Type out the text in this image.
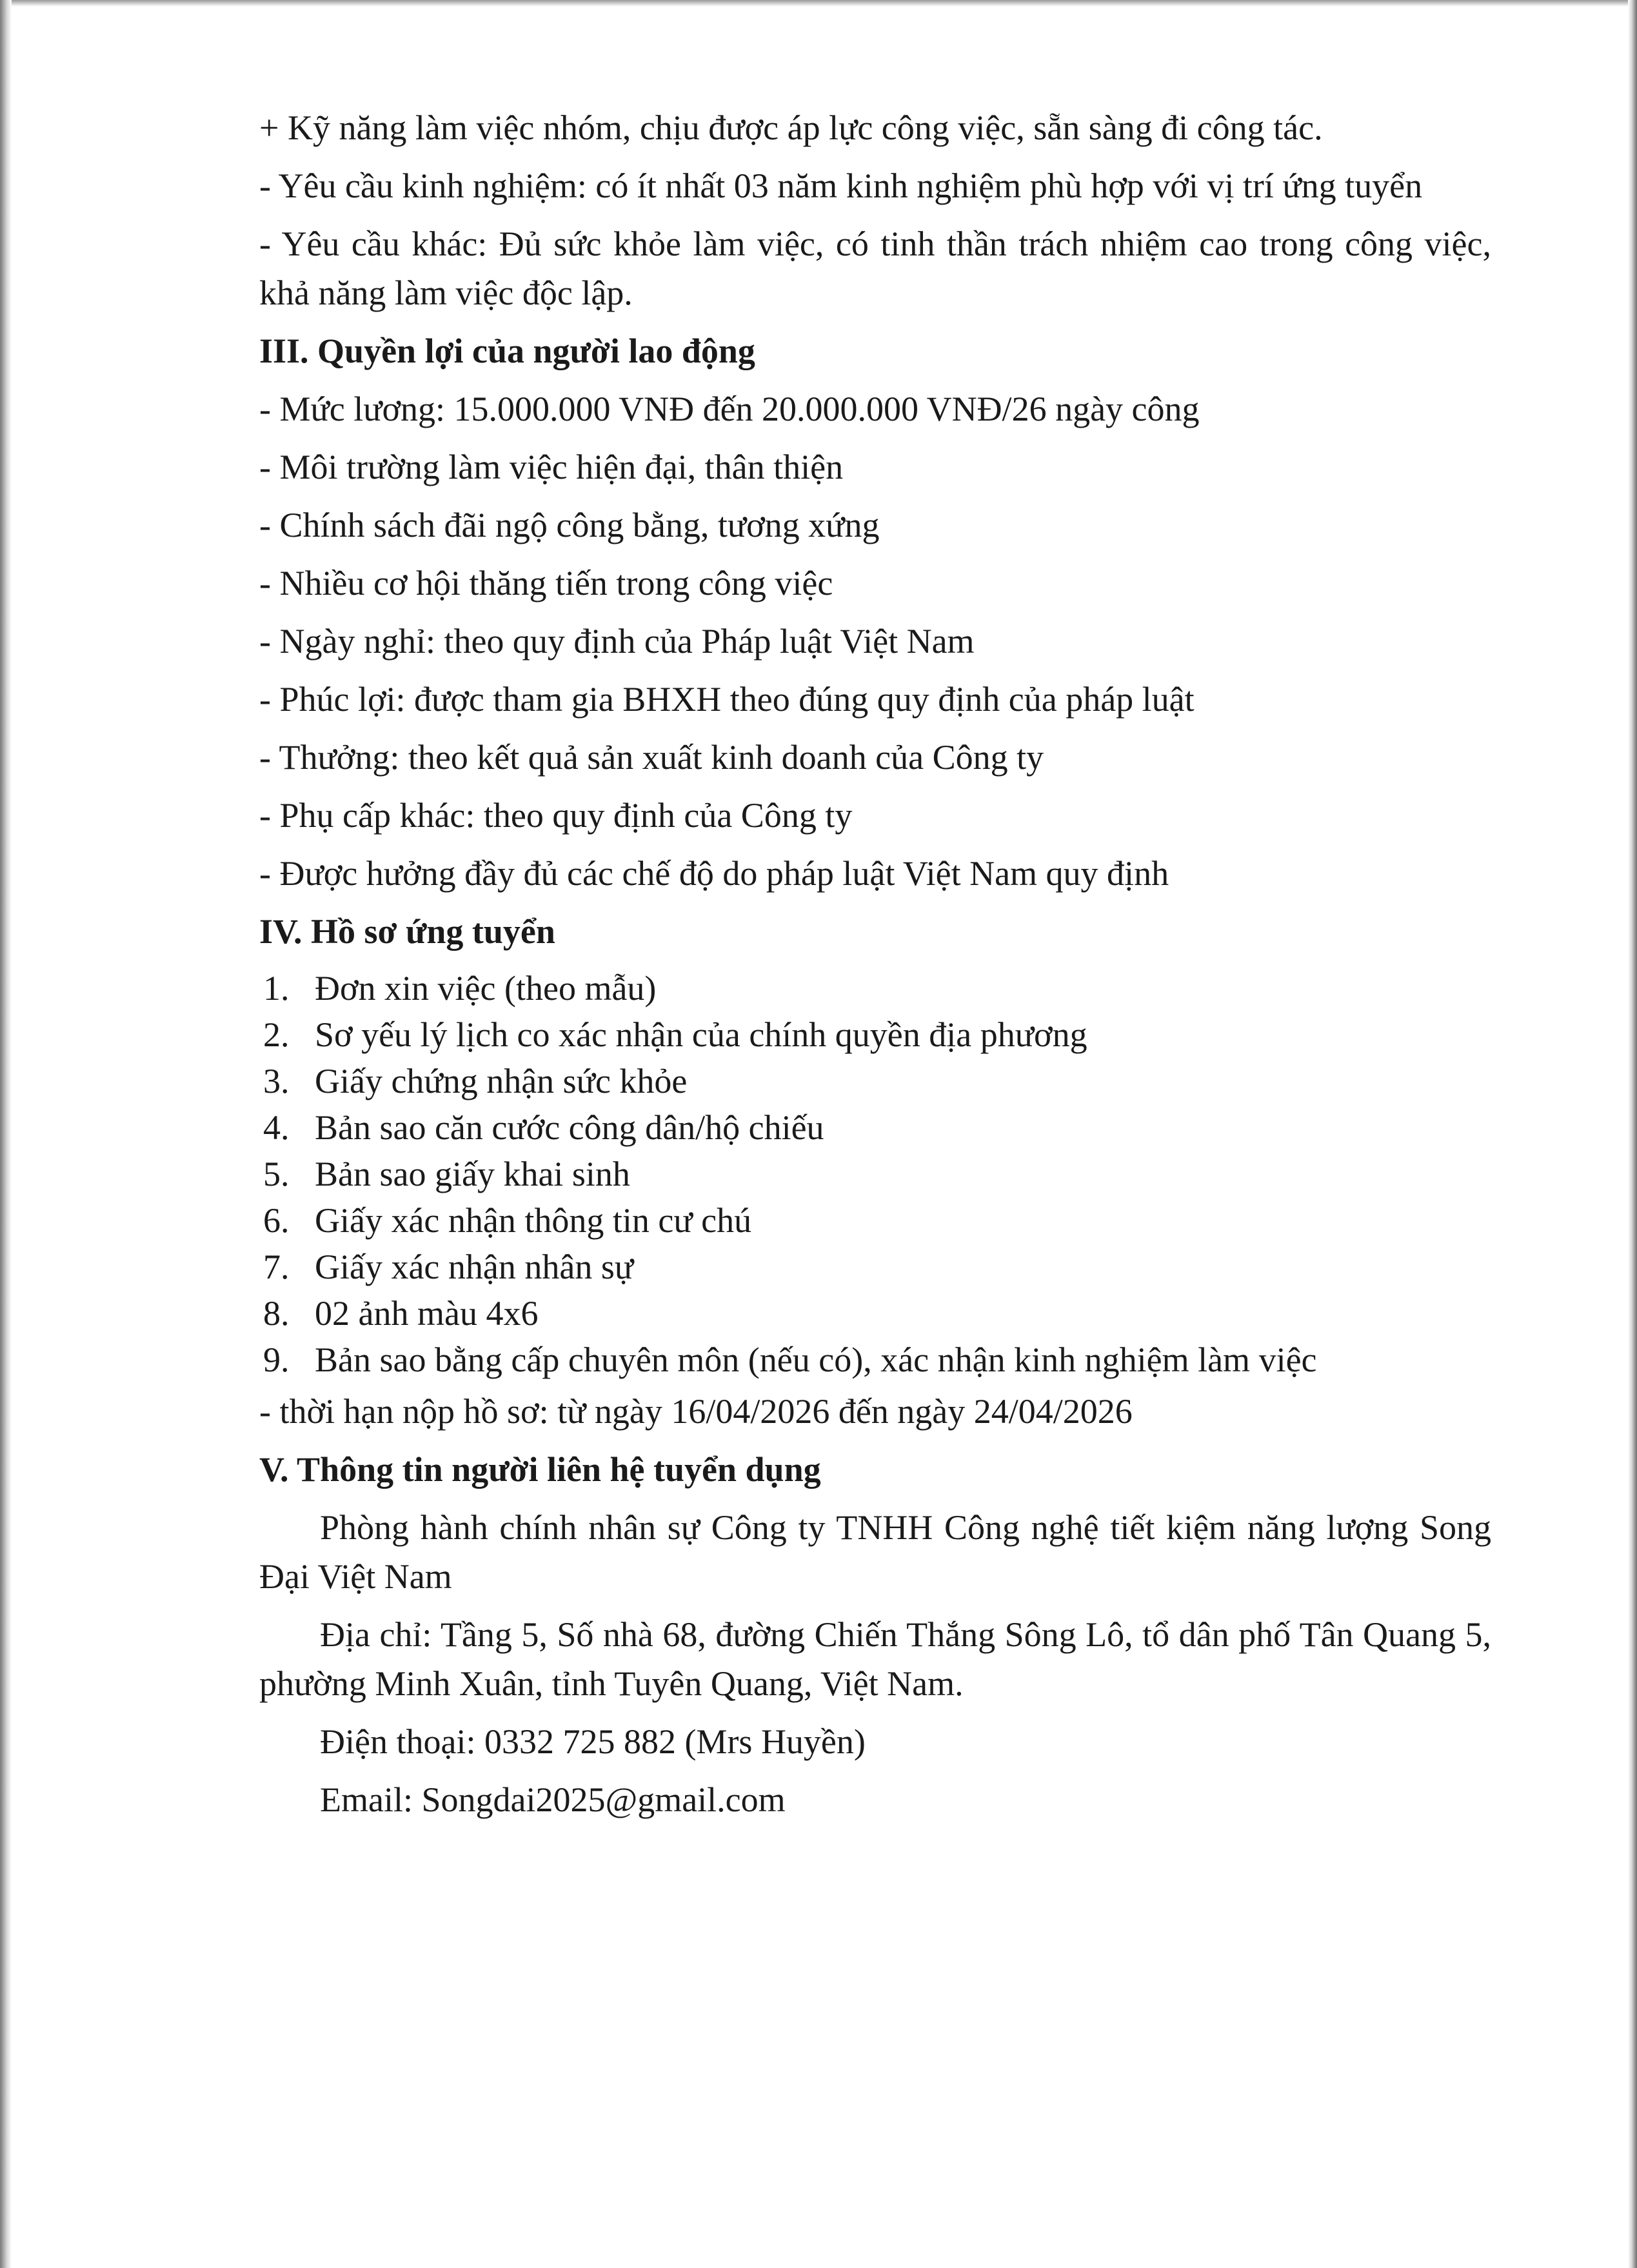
+ Kỹ năng làm việc nhóm, chịu được áp lực công việc, sẵn sàng đi công tác.

- Yêu cầu kinh nghiệm: có ít nhất 03 năm kinh nghiệm phù hợp với vị trí ứng tuyển

- Yêu cầu khác: Đủ sức khỏe làm việc, có tinh thần trách nhiệm cao trong công việc, khả năng làm việc độc lập.

III. Quyền lợi của người lao động

- Mức lương: 15.000.000 VNĐ đến 20.000.000 VNĐ/26 ngày công

- Môi trường làm việc hiện đại, thân thiện

- Chính sách đãi ngộ công bằng, tương xứng

- Nhiều cơ hội thăng tiến trong công việc

- Ngày nghỉ: theo quy định của Pháp luật Việt Nam

- Phúc lợi: được tham gia BHXH theo đúng quy định của pháp luật

- Thưởng: theo kết quả sản xuất kinh doanh của Công ty

- Phụ cấp khác: theo quy định của Công ty

- Được hưởng đầy đủ các chế độ do pháp luật Việt Nam quy định

IV. Hồ sơ ứng tuyển

1. Đơn xin việc (theo mẫu)
2. Sơ yếu lý lịch co xác nhận của chính quyền địa phương
3. Giấy chứng nhận sức khỏe
4. Bản sao căn cước công dân/hộ chiếu
5. Bản sao giấy khai sinh
6. Giấy xác nhận thông tin cư chú
7. Giấy xác nhận nhân sự
8. 02 ảnh màu 4x6
9. Bản sao bằng cấp chuyên môn (nếu có), xác nhận kinh nghiệm làm việc

- thời hạn nộp hồ sơ: từ ngày 16/04/2026 đến ngày 24/04/2026

V. Thông tin người liên hệ tuyển dụng

Phòng hành chính nhân sự Công ty TNHH Công nghệ tiết kiệm năng lượng Song Đại Việt Nam

Địa chỉ: Tầng 5, Số nhà 68, đường Chiến Thắng Sông Lô, tổ dân phố Tân Quang 5, phường Minh Xuân, tỉnh Tuyên Quang, Việt Nam.

Điện thoại: 0332 725 882 (Mrs Huyền)

Email: Songdai2025@gmail.com
